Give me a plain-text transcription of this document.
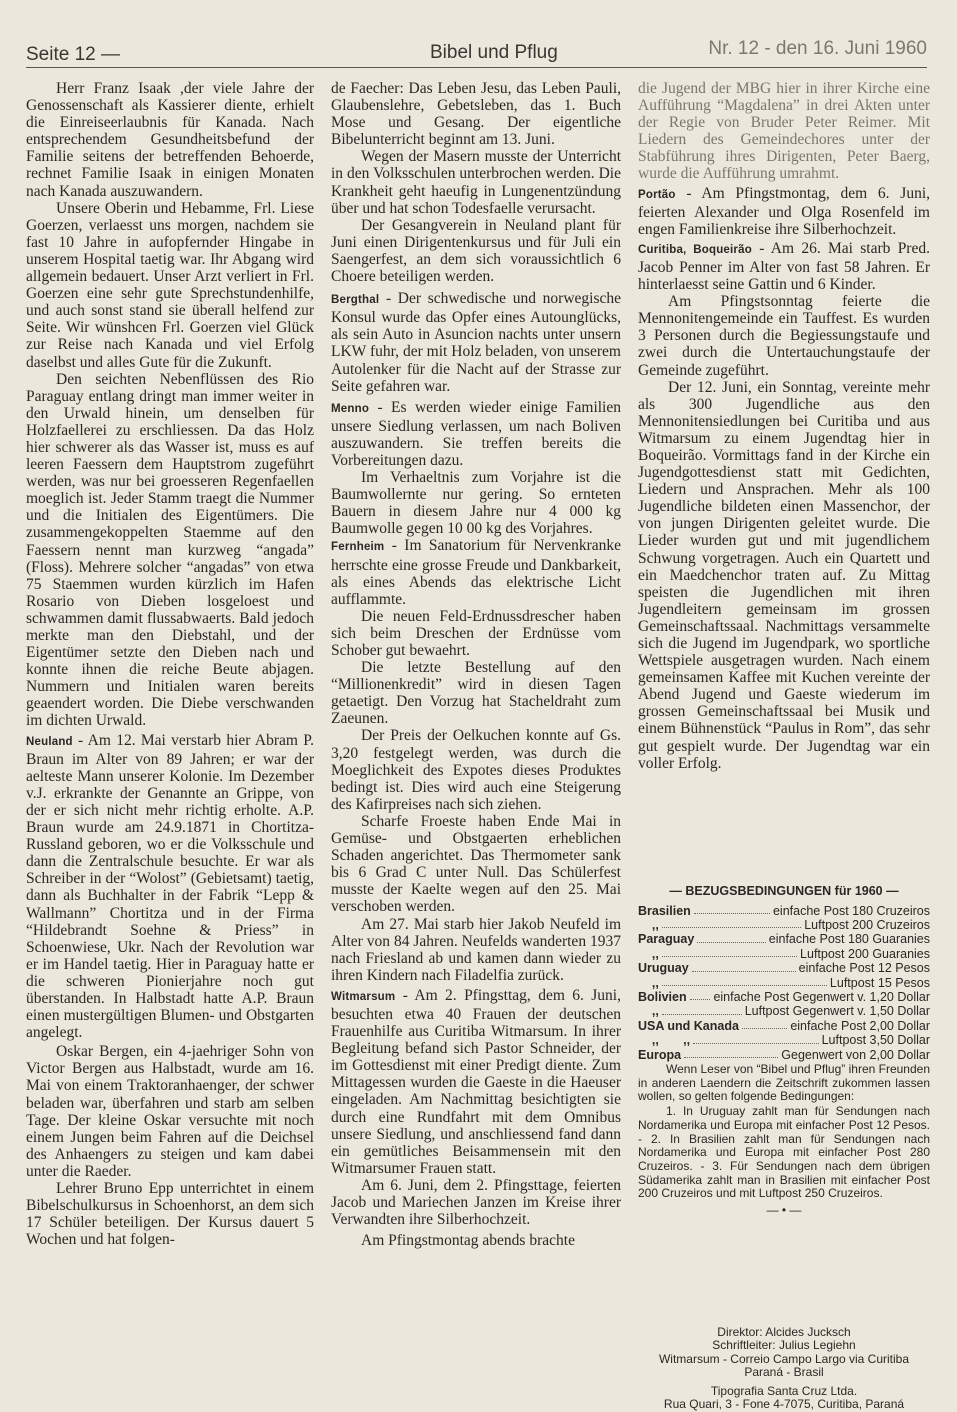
Seite 12 —	Bibel und Pflug	Nr. 12 - den 16. Juni 1960

Herr Franz Isaak ,der viele Jahre der Genossenschaft als Kassierer diente, erhielt die Einreiseerlaubnis für Kanada. Nach entsprechendem Gesundheitsbefund der Familie seitens der betreffenden Behoerde, rechnet Familie Isaak in einigen Monaten nach Kanada auszuwandern.

Unsere Oberin und Hebamme, Frl. Liese Goerzen, verlaesst uns morgen, nachdem sie fast 10 Jahre in aufopfernder Hingabe in unserem Hospital taetig war. Ihr Abgang wird allgemein bedauert. Unser Arzt verliert in Frl. Goerzen eine sehr gute Sprechstundenhilfe, und auch sonst stand sie überall helfend zur Seite. Wir wünshcen Frl. Goerzen viel Glück zur Reise nach Kanada und viel Erfolg daselbst und alles Gute für die Zukunft.

Den seichten Nebenflüssen des Rio Paraguay entlang dringt man immer weiter in den Urwald hinein, um denselben für Holzfaellerei zu erschliessen. Da das Holz hier schwerer als das Wasser ist, muss es auf leeren Faessern dem Hauptstrom zugeführt werden, was nur bei groesseren Regenfaellen moeglich ist. Jeder Stamm traegt die Nummer und die Initialen des Eigentümers. Die zusammengekoppelten Staemme auf den Faessern nennt man kurzweg “angada” (Floss). Mehrere solcher “angadas” von etwa 75 Staemmen wurden kürzlich im Hafen Rosario von Dieben losgeloest und schwammen damit flussabwaerts. Bald jedoch merkte man den Diebstahl, und der Eigentümer setzte den Dieben nach und konnte ihnen die reiche Beute abjagen. Nummern und Initialen waren bereits geaendert worden. Die Diebe verschwanden im dichten Urwald.

Neuland - Am 12. Mai verstarb hier Abram P. Braun im Alter von 89 Jahren; er war der aelteste Mann unserer Kolonie. Im Dezember v.J. erkrankte der Genannte an Grippe, von der er sich nicht mehr richtig erholte. A.P. Braun wurde am 24.9.1871 in Chortitza-Russland geboren, wo er die Volksschule und dann die Zentralschule besuchte. Er war als Schreiber in der “Wolost” (Gebietsamt) taetig, dann als Buchhalter in der Fabrik “Lepp & Wallmann” Chortitza und in der Firma “Hildebrandt Soehne & Priess” in Schoenwiese, Ukr. Nach der Revolution war er im Handel taetig. Hier in Paraguay hatte er die schweren Pionierjahre noch gut überstanden. In Halbstadt hatte A.P. Braun einen mustergültigen Blumen- und Obstgarten angelegt.

Oskar Bergen, ein 4-jaehriger Sohn von Victor Bergen aus Halbstadt, wurde am 16. Mai von einem Traktoranhaenger, der schwer beladen war, überfahren und starb am selben Tage. Der kleine Oskar versuchte mit noch einem Jungen beim Fahren auf die Deichsel des Anhaengers zu steigen und kam dabei unter die Raeder.

Lehrer Bruno Epp unterrichtet in einem Bibelschulkursus in Schoenhorst, an dem sich 17 Schüler beteiligen. Der Kursus dauert 5 Wochen und hat folgen-

de Faecher: Das Leben Jesu, das Leben Pauli, Glaubenslehre, Gebetsleben, das 1. Buch Mose und Gesang. Der eigentliche Bibelunterricht beginnt am 13. Juni.

Wegen der Masern musste der Unterricht in den Volksschulen unterbrochen werden. Die Krankheit geht haeufig in Lungenentzündung über und hat schon Todesfaelle verursacht.

Der Gesangverein in Neuland plant für Juni einen Dirigentenkursus und für Juli ein Saengerfest, an dem sich voraussichtlich 6 Choere beteiligen werden.

Bergthal - Der schwedische und norwegische Konsul wurde das Opfer eines Autounglücks, als sein Auto in Asuncion nachts unter unsern LKW fuhr, der mit Holz beladen, von unserem Autolenker für die Nacht auf der Strasse zur Seite gefahren war.

Menno - Es werden wieder einige Familien unsere Siedlung verlassen, um nach Boliven auszuwandern. Sie treffen bereits die Vorbereitungen dazu.

Im Verhaeltnis zum Vorjahre ist die Baumwollernte nur gering. So ernteten Bauern in diesem Jahre nur 4 000 kg Baumwolle gegen 10 00 kg des Vorjahres.

Fernheim - Im Sanatorium für Nervenkranke herrschte eine grosse Freude und Dankbarkeit, als eines Abends das elektrische Licht aufflammte.

Die neuen Feld-Erdnussdrescher haben sich beim Dreschen der Erdnüsse vom Schober gut bewaehrt.

Die letzte Bestellung auf den “Millionenkredit” wird in diesen Tagen getaetigt. Den Vorzug hat Stacheldraht zum Zaeunen.

Der Preis der Oelkuchen konnte auf Gs. 3,20 festgelegt werden, was durch die Moeglichkeit des Expotes dieses Produktes bedingt ist. Dies wird auch eine Steigerung des Kafirpreises nach sich ziehen.

Scharfe Froeste haben Ende Mai in Gemüse- und Obstgaerten erheblichen Schaden angerichtet. Das Thermometer sank bis 6 Grad C unter Null. Das Schülerfest musste der Kaelte wegen auf den 25. Mai verschoben werden.

Am 27. Mai starb hier Jakob Neufeld im Alter von 84 Jahren. Neufelds wanderten 1937 nach Friesland ab und kamen dann wieder zu ihren Kindern nach Filadelfia zurück.

Witmarsum - Am 2. Pfingsttag, dem 6. Juni, besuchten etwa 40 Frauen der deutschen Frauenhilfe aus Curitiba Witmarsum. In ihrer Begleitung befand sich Pastor Schneider, der im Gottesdienst mit einer Predigt diente. Zum Mittagessen wurden die Gaeste in die Haeuser eingeladen. Am Nachmittag besichtigten sie durch eine Rundfahrt mit dem Omnibus unsere Siedlung, und anschliessend fand dann ein gemütliches Beisammensein mit den Witmarsumer Frauen statt.

Am 6. Juni, dem 2. Pfingsttage, feierten Jacob und Mariechen Janzen im Kreise ihrer Verwandten ihre Silberhochzeit.

Am Pfingstmontag abends brachte

die Jugend der MBG hier in ihrer Kirche eine Aufführung “Magdalena” in drei Akten unter der Regie von Bruder Peter Reimer. Mit Liedern des Gemeindechores unter der Stabführung ihres Dirigenten, Peter Baerg, wurde die Aufführung umrahmt.

Portão - Am Pfingstmontag, dem 6. Juni, feierten Alexander und Olga Rosenfeld im engen Familienkreise ihre Silberhochzeit.

Curitiba, Boqueirão - Am 26. Mai starb Pred. Jacob Penner im Alter von fast 58 Jahren. Er hinterlaesst seine Gattin und 6 Kinder.

Am Pfingstsonntag feierte die Mennonitengemeinde ein Tauffest. Es wurden 3 Personen durch die Begiessungstaufe und zwei durch die Untertauchungstaufe der Gemeinde zugeführt.

Der 12. Juni, ein Sonntag, vereinte mehr als 300 Jugendliche aus den Mennonitensiedlungen bei Curitiba und aus Witmarsum zu einem Jugendtag hier in Boqueirão. Vormittags fand in der Kirche ein Jugendgottesdienst statt mit Gedichten, Liedern und Ansprachen. Mehr als 100 Jugendliche bildeten einen Massenchor, der von jungen Dirigenten geleitet wurde. Die Lieder wurden gut und mit jugendlichem Schwung vorgetragen. Auch ein Quartett und ein Maedchenchor traten auf. Zu Mittag speisten die Jugendlichen mit ihren Jugendleitern gemeinsam im grossen Gemeinschaftssaal. Nachmittags versammelte sich die Jugend im Jugendpark, wo sportliche Wettspiele ausgetragen wurden. Nach einem gemeinsamen Kaffee mit Kuchen vereinte der Abend Jugend und Gaeste wiederum im grossen Gemeinschaftssaal bei Musik und einem Bühnenstück “Paulus in Rom”, das sehr gut gespielt wurde. Der Jugendtag war ein voller Erfolg.

— BEZUGSBEDINGUNGEN für 1960 —
Brasilien	einfache Post 180 Cruzeiros
,,	Luftpost 200 Cruzeiros
Paraguay	einfache Post 180 Guaranies
,,	Luftpost 200 Guaranies
Uruguay	einfache Post 12 Pesos
,,	Luftpost 15 Pesos
Bolivien einfache Post Gegenwert v. 1,20 Dollar
,,	Luftpost Gegenwert v. 1,50 Dollar
USA und Kanada	einfache Post 2,00 Dollar
,,       ,,	Luftpost 3,50 Dollar
Europa	Gegenwert von 2,00 Dollar
Wenn Leser von “Bibel und Pflug” ihren Freunden in anderen Laendern die Zeitschrift zukommen lassen wollen, so gelten folgende Bedingungen:
1. In Uruguay zahlt man für Sendungen nach Nordamerika und Europa mit einfacher Post 12 Pesos. - 2. In Brasilien zahlt man für Sendungen nach Nordamerika und Europa mit einfacher Post 280 Cruzeiros. - 3. Für Sendungen nach dem übrigen Südamerika zahlt man in Brasilien mit einfacher Post 200 Cruzeiros und mit Luftpost 250 Cruzeiros.
— • —
Direktor: Alcides Jucksch
Schriftleiter: Julius Legiehn
Witmarsum - Correio Campo Largo via Curitiba
Paraná - Brasil
Tipografia Santa Cruz Ltda.
Rua Quari, 3 - Fone 4-7075, Curitiba, Paraná
